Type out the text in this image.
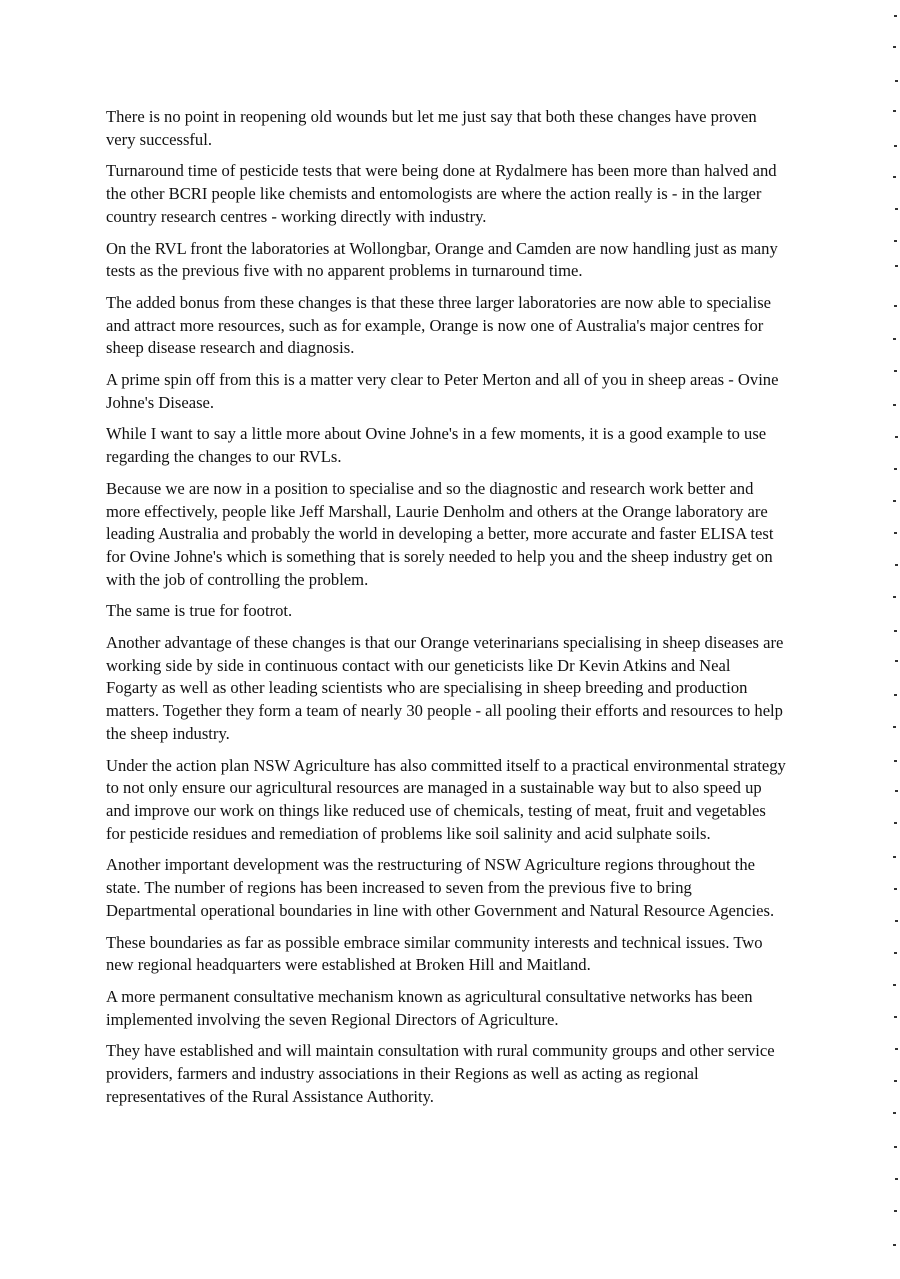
There is no point in reopening old wounds but let me just say that both these changes have proven very successful.

Turnaround time of pesticide tests that were being done at Rydalmere has been more than halved and the other BCRI people like chemists and entomologists are where the action really is - in the larger country research centres - working directly with industry.

On the RVL front the laboratories at Wollongbar, Orange and Camden are now handling just as many tests as the previous five with no apparent problems in turnaround time.

The added bonus from these changes is that these three larger laboratories are now able to specialise and attract more resources, such as for example, Orange is now one of Australia's major centres for sheep disease research and diagnosis.

A prime spin off from this is a matter very clear to Peter Merton and all of you in sheep areas - Ovine Johne's Disease.

While I want to say a little more about Ovine Johne's in a few moments, it is a good example to use regarding the changes to our RVLs.

Because we are now in a position to specialise and so the diagnostic and research work better and more effectively, people like Jeff Marshall, Laurie Denholm and others at the Orange laboratory are leading Australia and probably the world in developing a better, more accurate and faster ELISA test for Ovine Johne's which is something that is sorely needed to help you and the sheep industry get on with the job of controlling the problem.

The same is true for footrot.

Another advantage of these changes is that our Orange veterinarians specialising in sheep diseases are working side by side in continuous contact with our geneticists like Dr Kevin Atkins and Neal Fogarty as well as other leading scientists who are specialising in sheep breeding and production matters. Together they form a team of nearly 30 people - all pooling their efforts and resources to help the sheep industry.

Under the action plan NSW Agriculture has also committed itself to a practical environmental strategy to not only ensure our agricultural resources are managed in a sustainable way but to also speed up and improve our work on things like reduced use of chemicals, testing of meat, fruit and vegetables for pesticide residues and remediation of problems like soil salinity and acid sulphate soils.

Another important development was the restructuring of NSW Agriculture regions throughout the state. The number of regions has been increased to seven from the previous five to bring Departmental operational boundaries in line with other Government and Natural Resource Agencies.

These boundaries as far as possible embrace similar community interests and technical issues. Two new regional headquarters were established at Broken Hill and Maitland.

A more permanent consultative mechanism known as agricultural consultative networks has been implemented involving the seven Regional Directors of Agriculture.

They have established and will maintain consultation with rural community groups and other service providers, farmers and industry associations in their Regions as well as acting as regional representatives of the Rural Assistance Authority.
